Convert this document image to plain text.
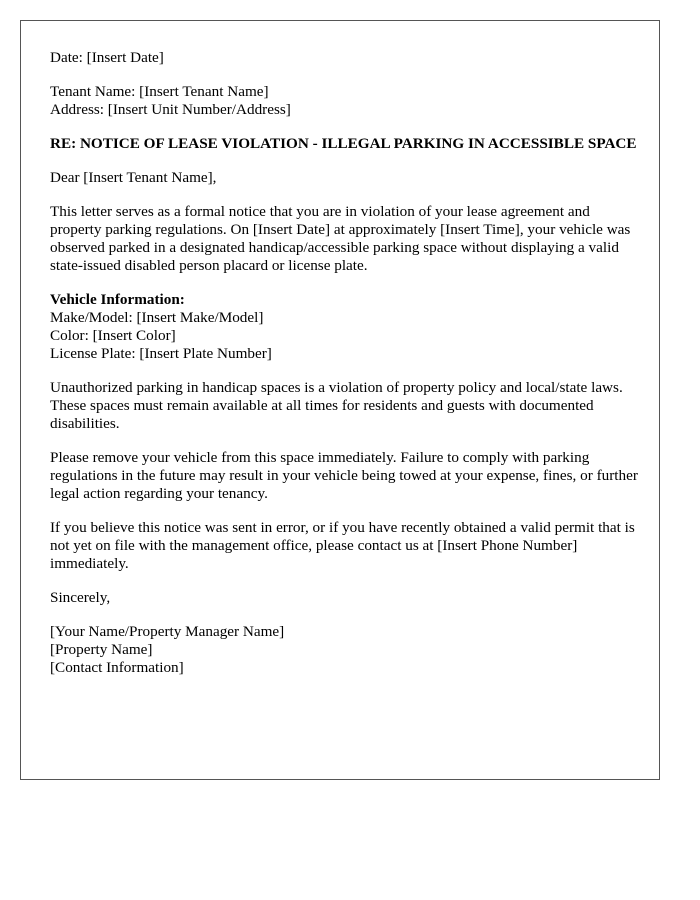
Date: [Insert Date]

Tenant Name: [Insert Tenant Name]
Address: [Insert Unit Number/Address]

RE: NOTICE OF LEASE VIOLATION - ILLEGAL PARKING IN ACCESSIBLE SPACE

Dear [Insert Tenant Name],

This letter serves as a formal notice that you are in violation of your lease agreement and property parking regulations. On [Insert Date] at approximately [Insert Time], your vehicle was observed parked in a designated handicap/accessible parking space without displaying a valid state-issued disabled person placard or license plate.

Vehicle Information:
Make/Model: [Insert Make/Model]
Color: [Insert Color]
License Plate: [Insert Plate Number]

Unauthorized parking in handicap spaces is a violation of property policy and local/state laws. These spaces must remain available at all times for residents and guests with documented disabilities.

Please remove your vehicle from this space immediately. Failure to comply with parking regulations in the future may result in your vehicle being towed at your expense, fines, or further legal action regarding your tenancy.

If you believe this notice was sent in error, or if you have recently obtained a valid permit that is not yet on file with the management office, please contact us at [Insert Phone Number] immediately.

Sincerely,

[Your Name/Property Manager Name]
[Property Name]
[Contact Information]
